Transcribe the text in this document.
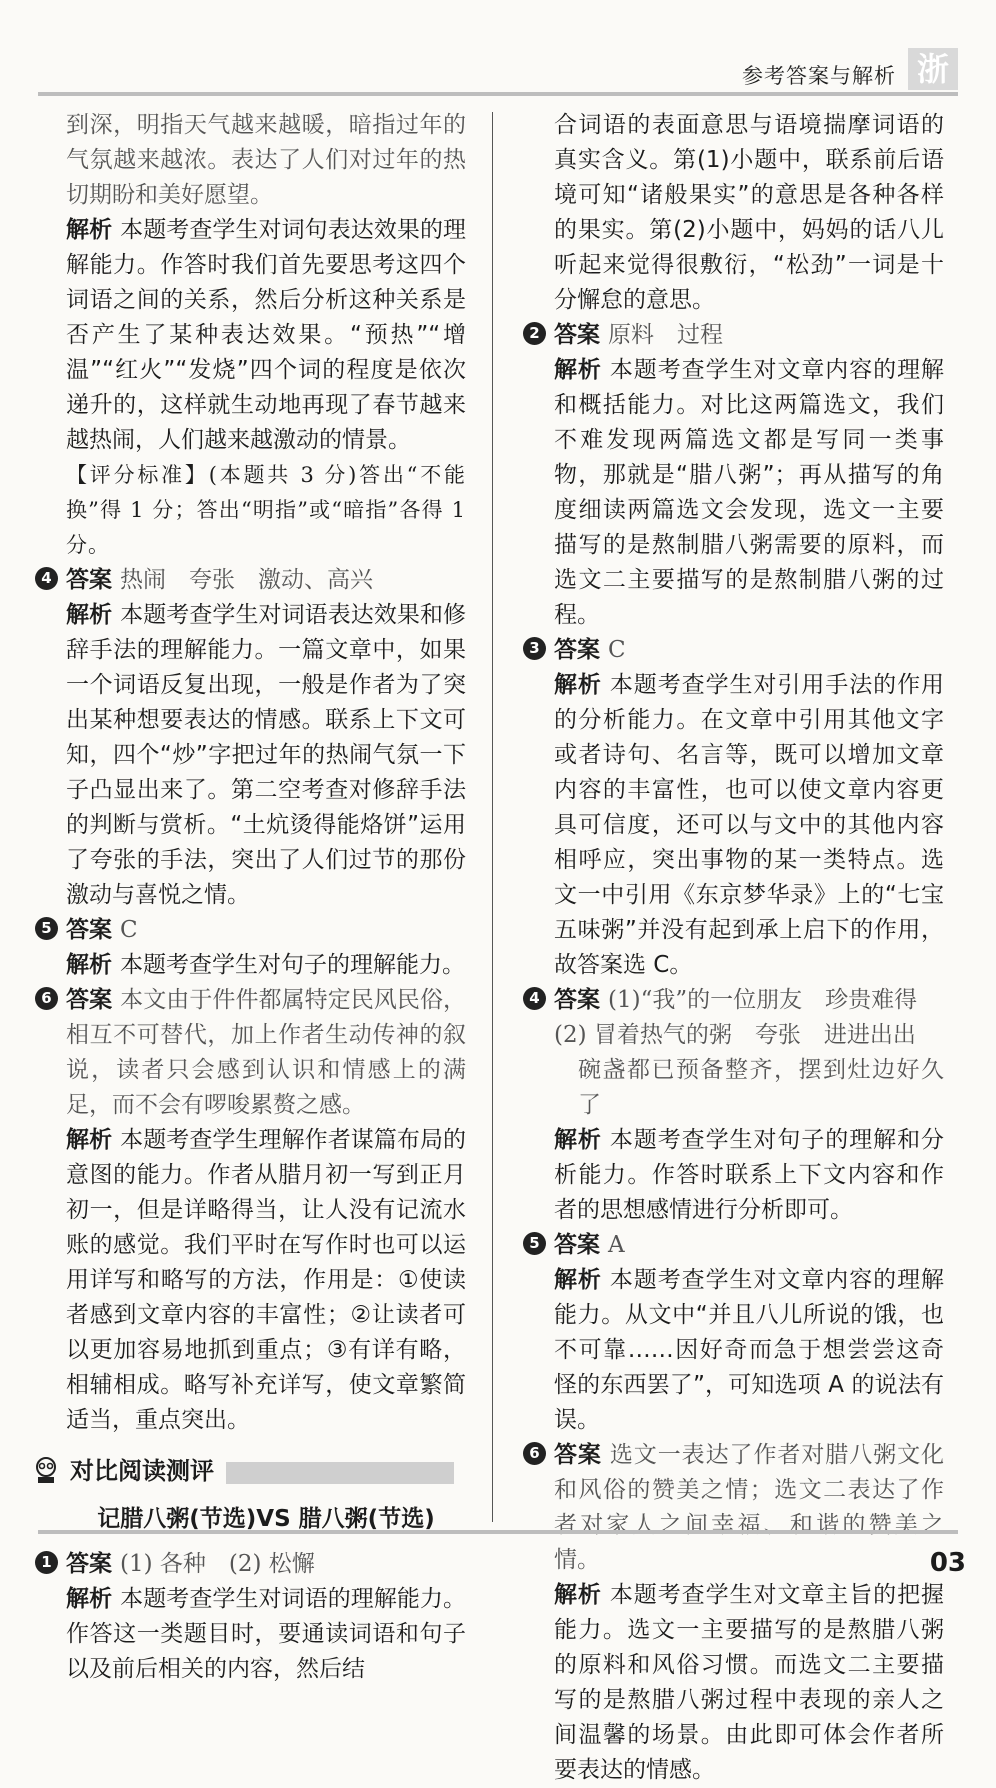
参考答案与解析 浙

到深，明指天气越来越暖，暗指过年的气氛越来越浓。表达了人们对过年的热切期盼和美好愿望。

解析 本题考查学生对词句表达效果的理解能力。作答时我们首先要思考这四个词语之间的关系，然后分析这种关系是否产生了某种表达效果。“预热”“增温”“红火”“发烧”四个词的程度是依次递升的，这样就生动地再现了春节越来越热闹，人们越来越激动的情景。

【评分标准】(本题共 3 分)答出“不能换”得 1 分；答出“明指”或“暗指”各得 1 分。

4 答案 热闹　夸张　激动、高兴

解析 本题考查学生对词语表达效果和修辞手法的理解能力。一篇文章中，如果一个词语反复出现，一般是作者为了突出某种想要表达的情感。联系上下文可知，四个“炒”字把过年的热闹气氛一下子凸显出来了。第二空考查对修辞手法的判断与赏析。“土炕烫得能烙饼”运用了夸张的手法，突出了人们过节的那份激动与喜悦之情。

5 答案 C

解析 本题考查学生对句子的理解能力。

6 答案 本文由于件件都属特定民风民俗，相互不可替代，加上作者生动传神的叙说，读者只会感到认识和情感上的满足，而不会有啰唆累赘之感。

解析 本题考查学生理解作者谋篇布局的意图的能力。作者从腊月初一写到正月初一，但是详略得当，让人没有记流水账的感觉。我们平时在写作时也可以运用详写和略写的方法，作用是：①使读者感到文章内容的丰富性；②让读者可以更加容易地抓到重点；③有详有略，相辅相成。略写补充详写，使文章繁简适当，重点突出。

对比阅读测评
记腊八粥(节选)VS 腊八粥(节选)
1 答案 (1) 各种　(2) 松懈

解析 本题考查学生对词语的理解能力。作答这一类题目时，要通读词语和句子以及前后相关的内容，然后结

合词语的表面意思与语境揣摩词语的真实含义。第(1)小题中，联系前后语境可知“诸般果实”的意思是各种各样的果实。第(2)小题中，妈妈的话八儿听起来觉得很敷衍，“松劲”一词是十分懈怠的意思。

2 答案 原料　过程

解析 本题考查学生对文章内容的理解和概括能力。对比这两篇选文，我们不难发现两篇选文都是写同一类事物，那就是“腊八粥”；再从描写的角度细读两篇选文会发现，选文一主要描写的是熬制腊八粥需要的原料，而选文二主要描写的是熬制腊八粥的过程。

3 答案 C

解析 本题考查学生对引用手法的作用的分析能力。在文章中引用其他文字或者诗句、名言等，既可以增加文章内容的丰富性，也可以使文章内容更具可信度，还可以与文中的其他内容相呼应，突出事物的某一类特点。选文一中引用《东京梦华录》上的“七宝五味粥”并没有起到承上启下的作用，故答案选 C。

4 答案 (1)“我”的一位朋友　珍贵难得

(2) 冒着热气的粥　夸张　进进出出

碗盏都已预备整齐，摆到灶边好久了

解析 本题考查学生对句子的理解和分析能力。作答时联系上下文内容和作者的思想感情进行分析即可。

5 答案 A

解析 本题考查学生对文章内容的理解能力。从文中“并且八儿所说的饿，也不可靠……因好奇而急于想尝尝这奇怪的东西罢了”，可知选项 A 的说法有误。

6 答案 选文一表达了作者对腊八粥文化和风俗的赞美之情；选文二表达了作者对家人之间幸福、和谐的赞美之情。

解析 本题考查学生对文章主旨的把握能力。选文一主要描写的是熬腊八粥的原料和风俗习惯。而选文二主要描写的是熬腊八粥过程中表现的亲人之间温馨的场景。由此即可体会作者所要表达的情感。

03
